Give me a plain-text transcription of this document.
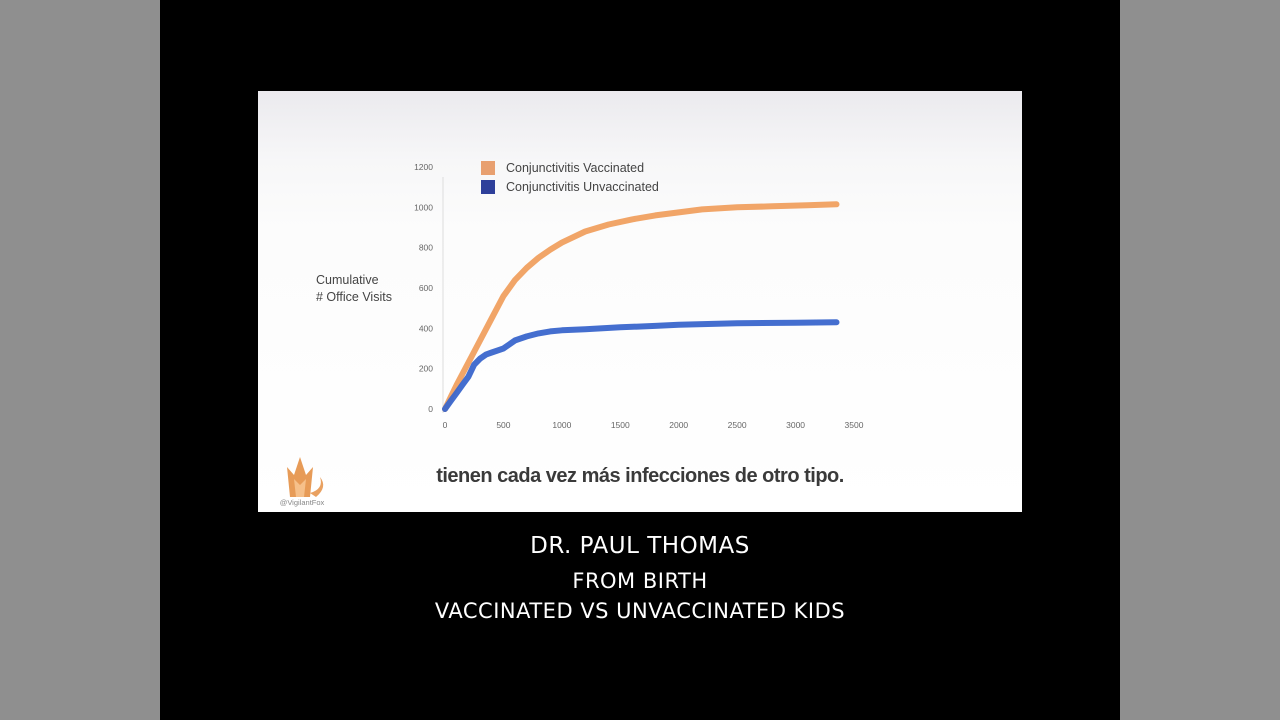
0
200
400
600
800
1000
1200
0	500	1000	1500	2000	2500	3000	3500
Cumulative
# Office Visits
Conjunctivitis Vaccinated
Conjunctivitis Unvaccinated
tienen cada vez más infecciones de otro tipo.
@VigilantFox
DR. PAUL THOMAS
FROM BIRTH
VACCINATED VS UNVACCINATED KIDS
